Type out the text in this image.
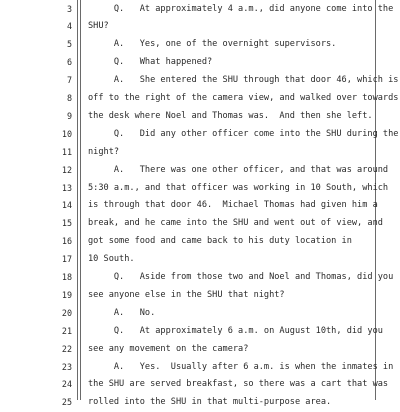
3 Q.   At approximately 4 a.m., did anyone come into the
4 SHU?
5 A.   Yes, one of the overnight supervisors.
6 Q.   What happened?
7 A.   She entered the SHU through that door 46, which is
8 off to the right of the camera view, and walked over towards
9 the desk where Noel and Thomas was.  And then she left.
10 Q.   Did any other officer come into the SHU during the
11 night?
12 A.   There was one other officer, and that was around
13 5:30 a.m., and that officer was working in 10 South, which
14 is through that door 46.  Michael Thomas had given him a
15 break, and he came into the SHU and went out of view, and
16 got some food and came back to his duty location in
17 10 South.
18 Q.   Aside from those two and Noel and Thomas, did you
19 see anyone else in the SHU that night?
20 A.   No.
21 Q.   At approximately 6 a.m. on August 10th, did you
22 see any movement on the camera?
23 A.   Yes.  Usually after 6 a.m. is when the inmates in
24 the SHU are served breakfast, so there was a cart that was
25 rolled into the SHU in that multi-purpose area.
